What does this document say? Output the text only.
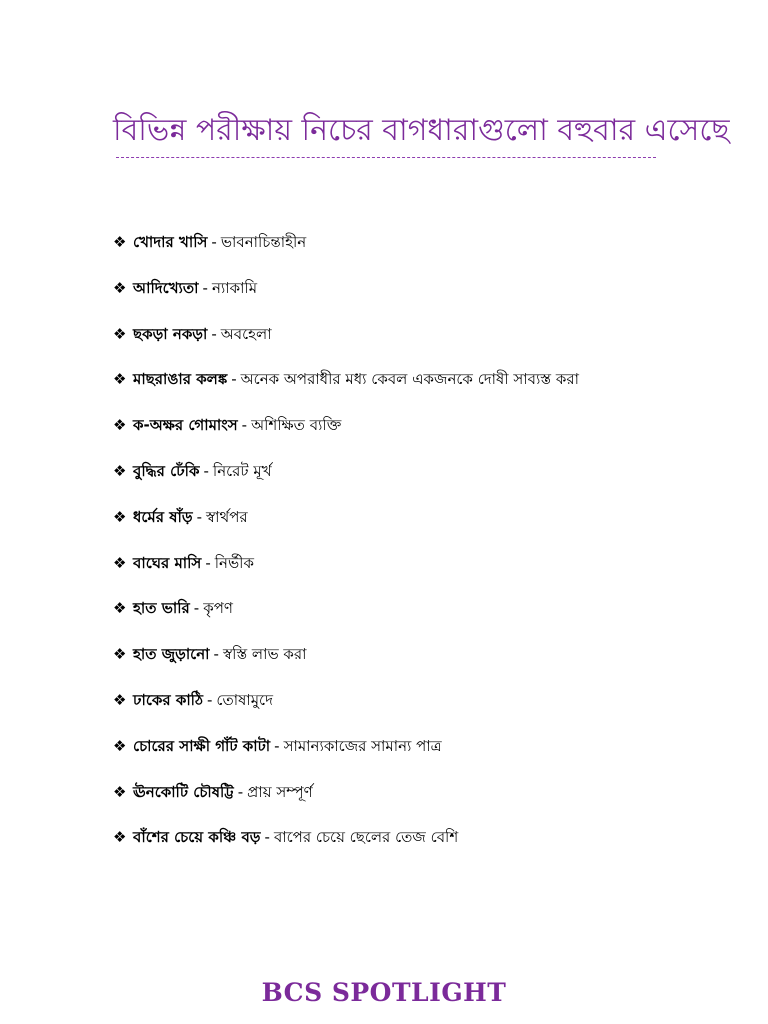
বিভিন্ন পরীক্ষায় নিচের বাগধারাগুলো বহুবার এসেছে
❖ খোদার খাসি - ভাবনাচিন্তাহীন
❖ আদিখ্যেতা - ন্যাকামি
❖ ছকড়া নকড়া - অবহেলা
❖ মাছরাঙার কলঙ্ক - অনেক অপরাধীর মধ্য কেবল একজনকে দোষী সাব্যস্ত করা
❖ ক-অক্ষর গোমাংস - অশিক্ষিত ব্যক্তি
❖ বুদ্ধির ঢেঁকি - নিরেট মূর্খ
❖ ধর্মের ষাঁড় - স্বার্থপর
❖ বাঘের মাসি - নির্ভীক
❖ হাত ভারি - কৃপণ
❖ হাত জুড়ানো - স্বস্তি লাভ করা
❖ ঢাকের কাঠি - তোষামুদে
❖ চোরের সাক্ষী গাঁট কাটা - সামান্যকাজের সামান্য পাত্র
❖ ঊনকোটি চৌষট্টি - প্রায় সম্পূর্ণ
❖ বাঁশের চেয়ে কঞ্চি বড় - বাপের চেয়ে ছেলের তেজ বেশি
BCS SPOTLIGHT
